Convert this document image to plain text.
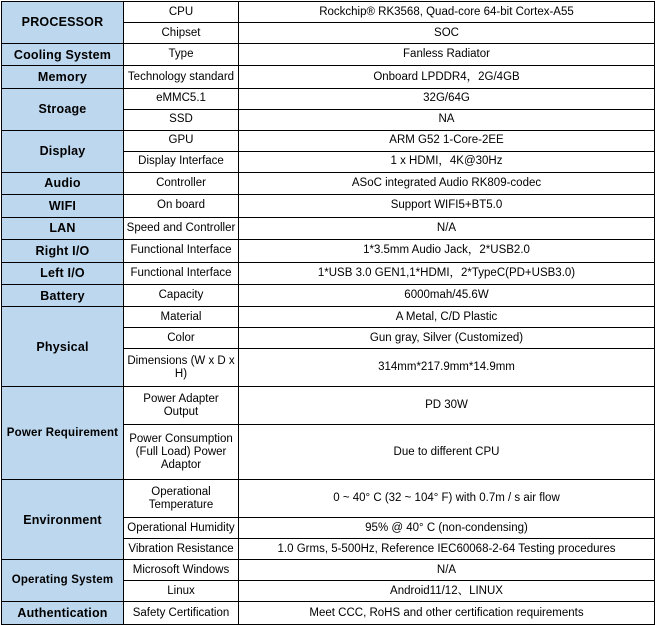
PROCESSOR	CPU	Rockchip® RK3568, Quad-core 64-bit Cortex-A55
	Chipset	SOC
Cooling System	Type	Fanless Radiator
Memory	Technology standard	Onboard LPDDR4，2G/4GB
Stroage	eMMC5.1	32G/64G
	SSD	NA
Display	GPU	ARM G52 1-Core-2EE
	Display Interface	1 x HDMI，4K@30Hz
Audio	Controller	ASoC integrated Audio RK809-codec
WIFI	On board	Support WIFI5+BT5.0
LAN	Speed and Controller	N/A
Right I/O	Functional Interface	1*3.5mm Audio Jack，2*USB2.0
Left I/O	Functional Interface	1*USB 3.0 GEN1,1*HDMI，2*TypeC(PD+USB3.0)
Battery	Capacity	6000mah/45.6W
Physical	Material	A Metal, C/D Plastic
	Color	Gun gray, Silver (Customized)
	Dimensions (W x D x H)	314mm*217.9mm*14.9mm
Power Requirement	Power Adapter Output	PD 30W
	Power Consumption (Full Load) Power Adaptor	Due to different CPU
Environment	Operational Temperature	0 ~ 40° C (32 ~ 104° F) with 0.7m / s air flow
	Operational Humidity	95% @ 40° C (non-condensing)
	Vibration Resistance	1.0 Grms, 5-500Hz, Reference IEC60068-2-64 Testing procedures
Operating System	Microsoft Windows	N/A
	Linux	Android11/12、LINUX
Authentication	Safety Certification	Meet CCC, RoHS and other certification requirements
